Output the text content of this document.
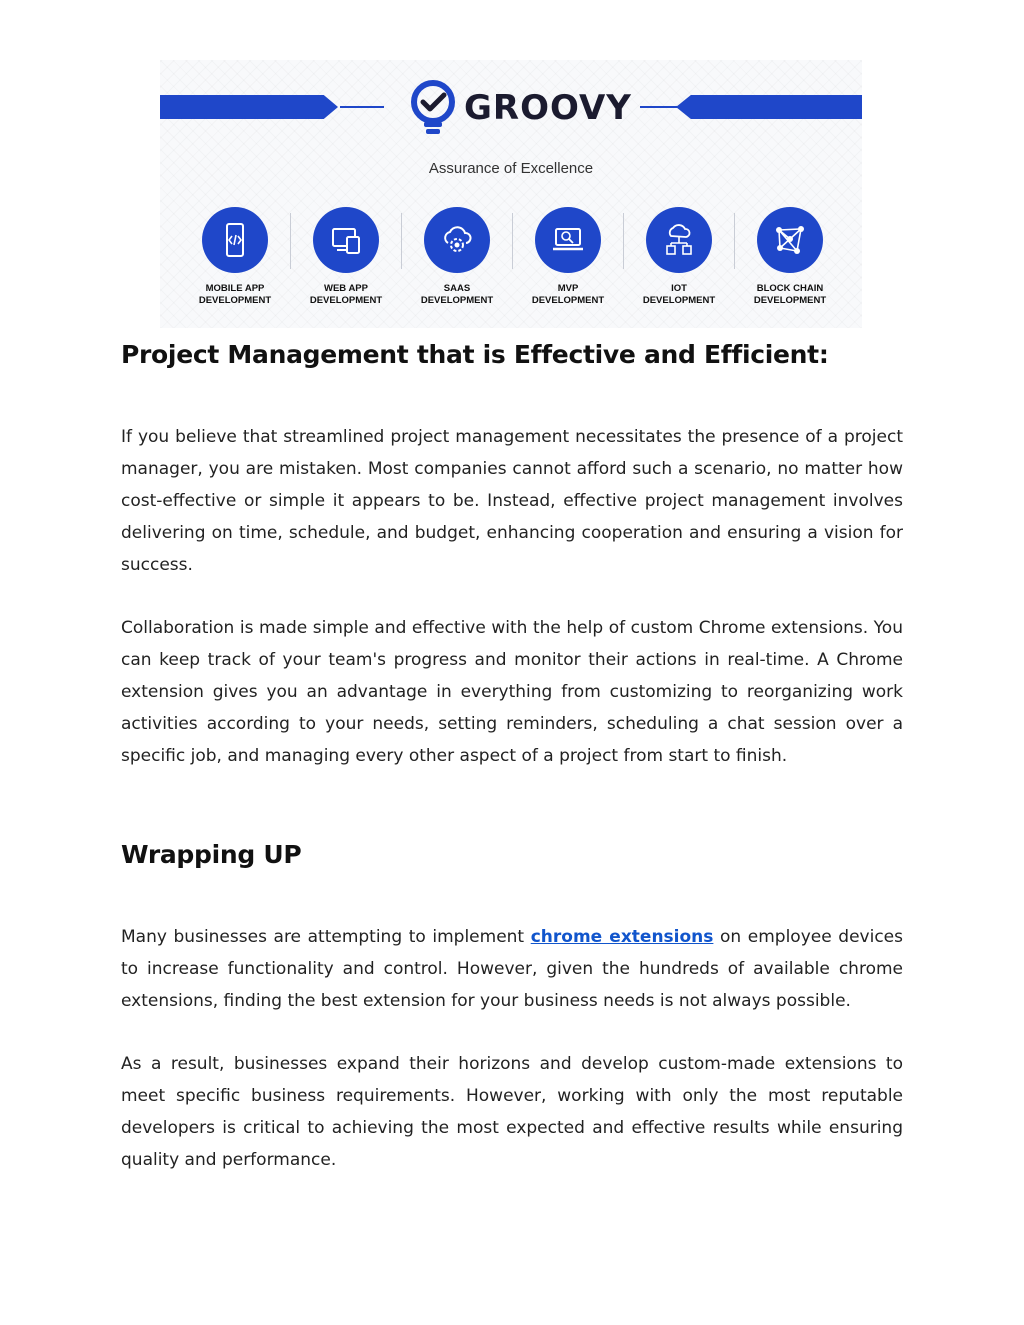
GROOVY
Assurance of Excellence
MOBILE APP
DEVELOPMENT
WEB APP
DEVELOPMENT
SAAS
DEVELOPMENT
MVP
DEVELOPMENT
IOT
DEVELOPMENT
BLOCK CHAIN
DEVELOPMENT
Project Management that is Effective and Efficient:

If you believe that streamlined project management necessitates the presence of a project manager, you are mistaken. Most companies cannot afford such a scenario, no matter how cost-effective or simple it appears to be. Instead, effective project management involves delivering on time, schedule, and budget, enhancing cooperation and ensuring a vision for success.

Collaboration is made simple and effective with the help of custom Chrome extensions. You can keep track of your team's progress and monitor their actions in real-time. A Chrome extension gives you an advantage in everything from customizing to reorganizing work activities according to your needs, setting reminders, scheduling a chat session over a specific job, and managing every other aspect of a project from start to finish.

Wrapping UP

Many businesses are attempting to implement chrome extensions on employee devices to increase functionality and control. However, given the hundreds of available chrome extensions, finding the best extension for your business needs is not always possible.

As a result, businesses expand their horizons and develop custom-made extensions to meet specific business requirements. However, working with only the most reputable developers is critical to achieving the most expected and effective results while ensuring quality and performance.
